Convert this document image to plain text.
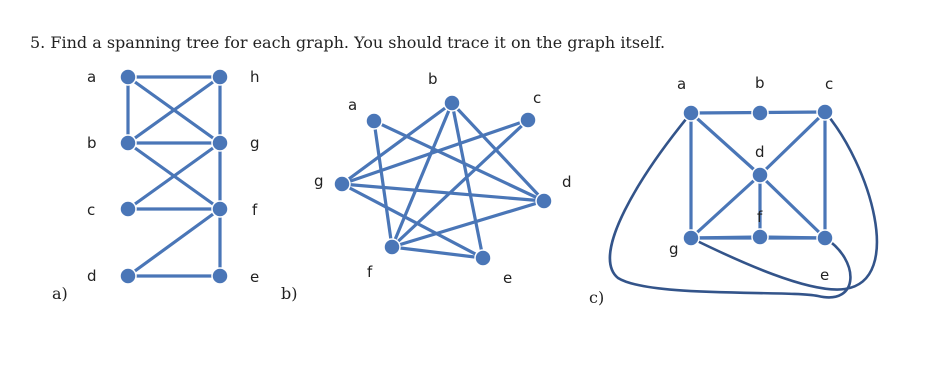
5. Find a spanning tree for each graph. You should trace it on the graph itself.
a
b
c
d
h
g
f
e
a)
a
b
c
d
e
f
g
b)
a	b	c
d
f
g
e
c)
